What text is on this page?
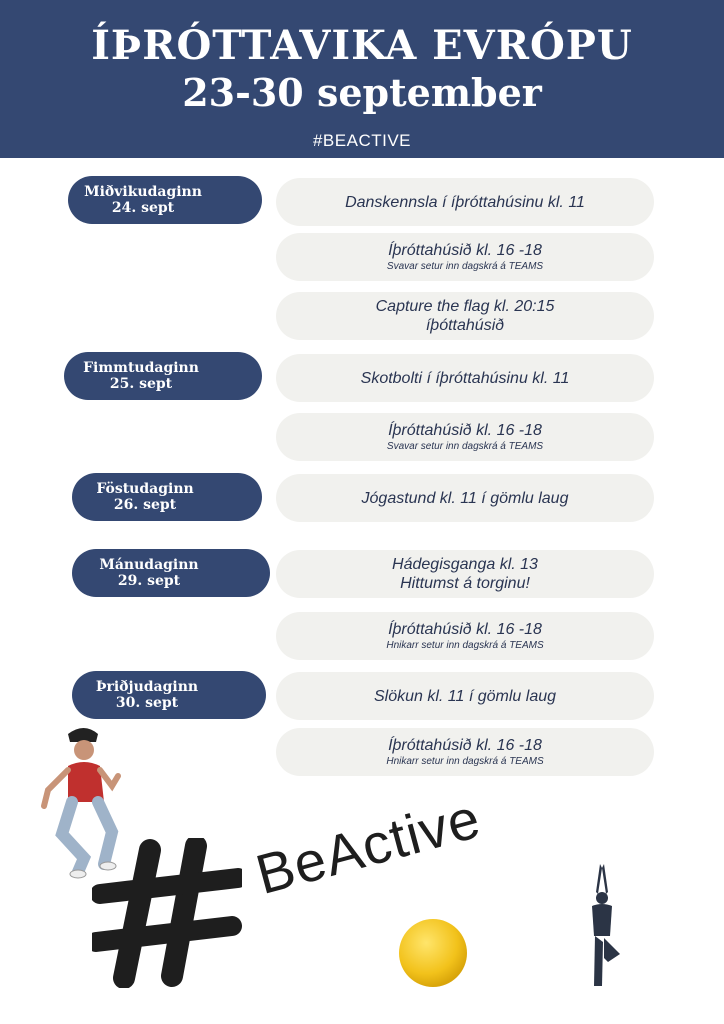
ÍÞRÓTTAVIKA EVRÓPU
23-30 september
#BEACTIVE
Miðvikudaginn
24. sept
Fimmtudaginn
25. sept
Föstudaginn
26. sept
Mánudaginn
29. sept
Þriðjudaginn
30. sept
Danskennsla í íþróttahúsinu kl. 11
Íþróttahúsið kl. 16 -18
Svavar setur inn dagskrá á TEAMS
Capture the flag kl. 20:15
íþóttahúsið
Skotbolti í íþróttahúsinu kl. 11
Íþróttahúsið kl. 16 -18
Svavar setur inn dagskrá á TEAMS
Jógastund kl. 11 í gömlu laug
Hádegisganga kl. 13
Hittumst á torginu!
Íþróttahúsið kl. 16 -18
Hnikarr setur inn dagskrá á TEAMS
Slökun kl. 11 í gömlu laug
Íþróttahúsið kl. 16 -18
Hnikarr setur inn dagskrá á TEAMS
BeActive
